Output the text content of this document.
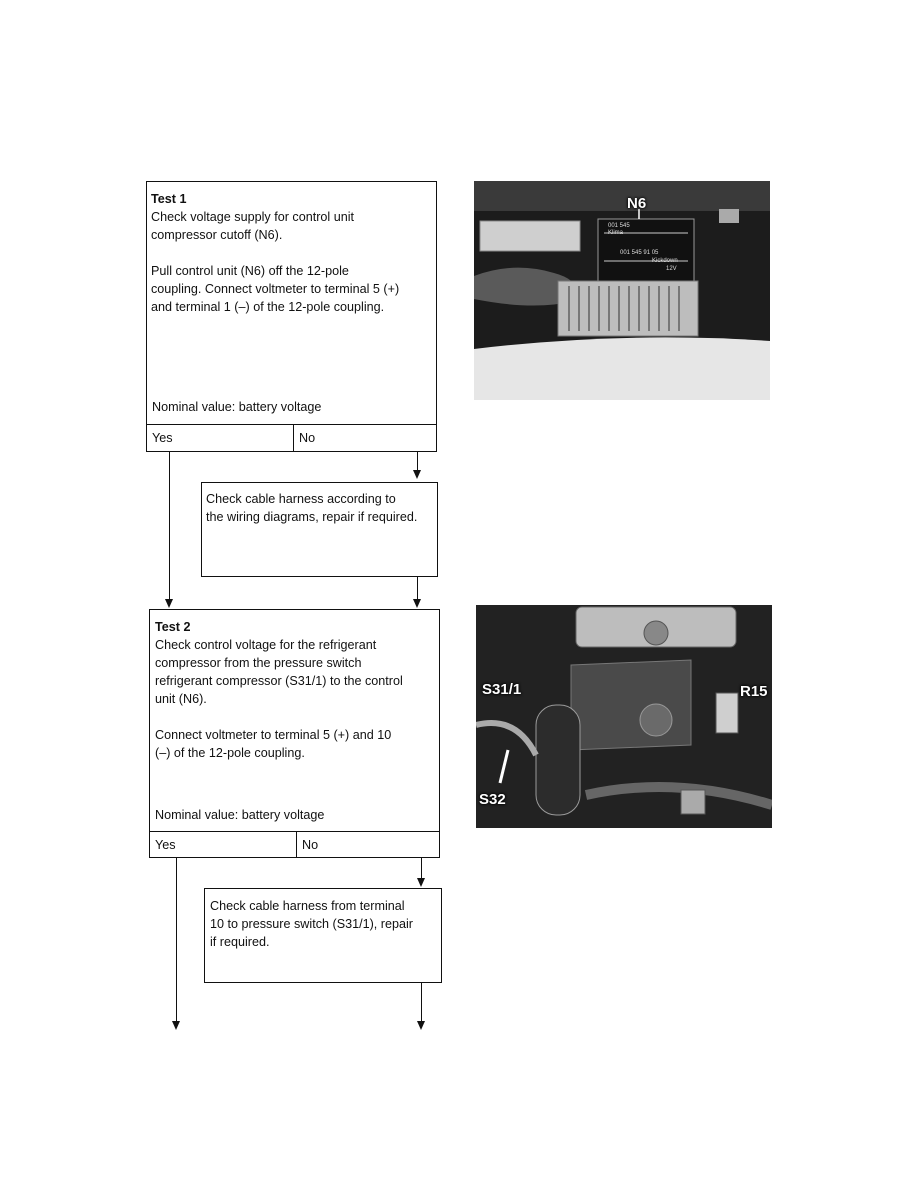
Test 1
Check voltage supply for control unit
compressor cutoff (N6).

Pull control unit (N6) off the 12-pole
coupling. Connect voltmeter to terminal 5 (+)
and terminal 1 (–) of the 12-pole coupling.
Nominal value: battery voltage
Yes	No
Check cable harness according to
the wiring diagrams, repair if required.
Test 2
Check control voltage for the refrigerant
compressor from the pressure switch
refrigerant compressor (S31/1) to the control
unit (N6).

Connect voltmeter to terminal 5 (+) and 10
(–) of the 12-pole coupling.
Nominal value: battery voltage
Yes	No
Check cable harness from terminal
10 to pressure switch (S31/1), repair
if required.
N6
001 545
Klima
001 545 91 05
Kickdown
12V
S31/1	R15
S32
